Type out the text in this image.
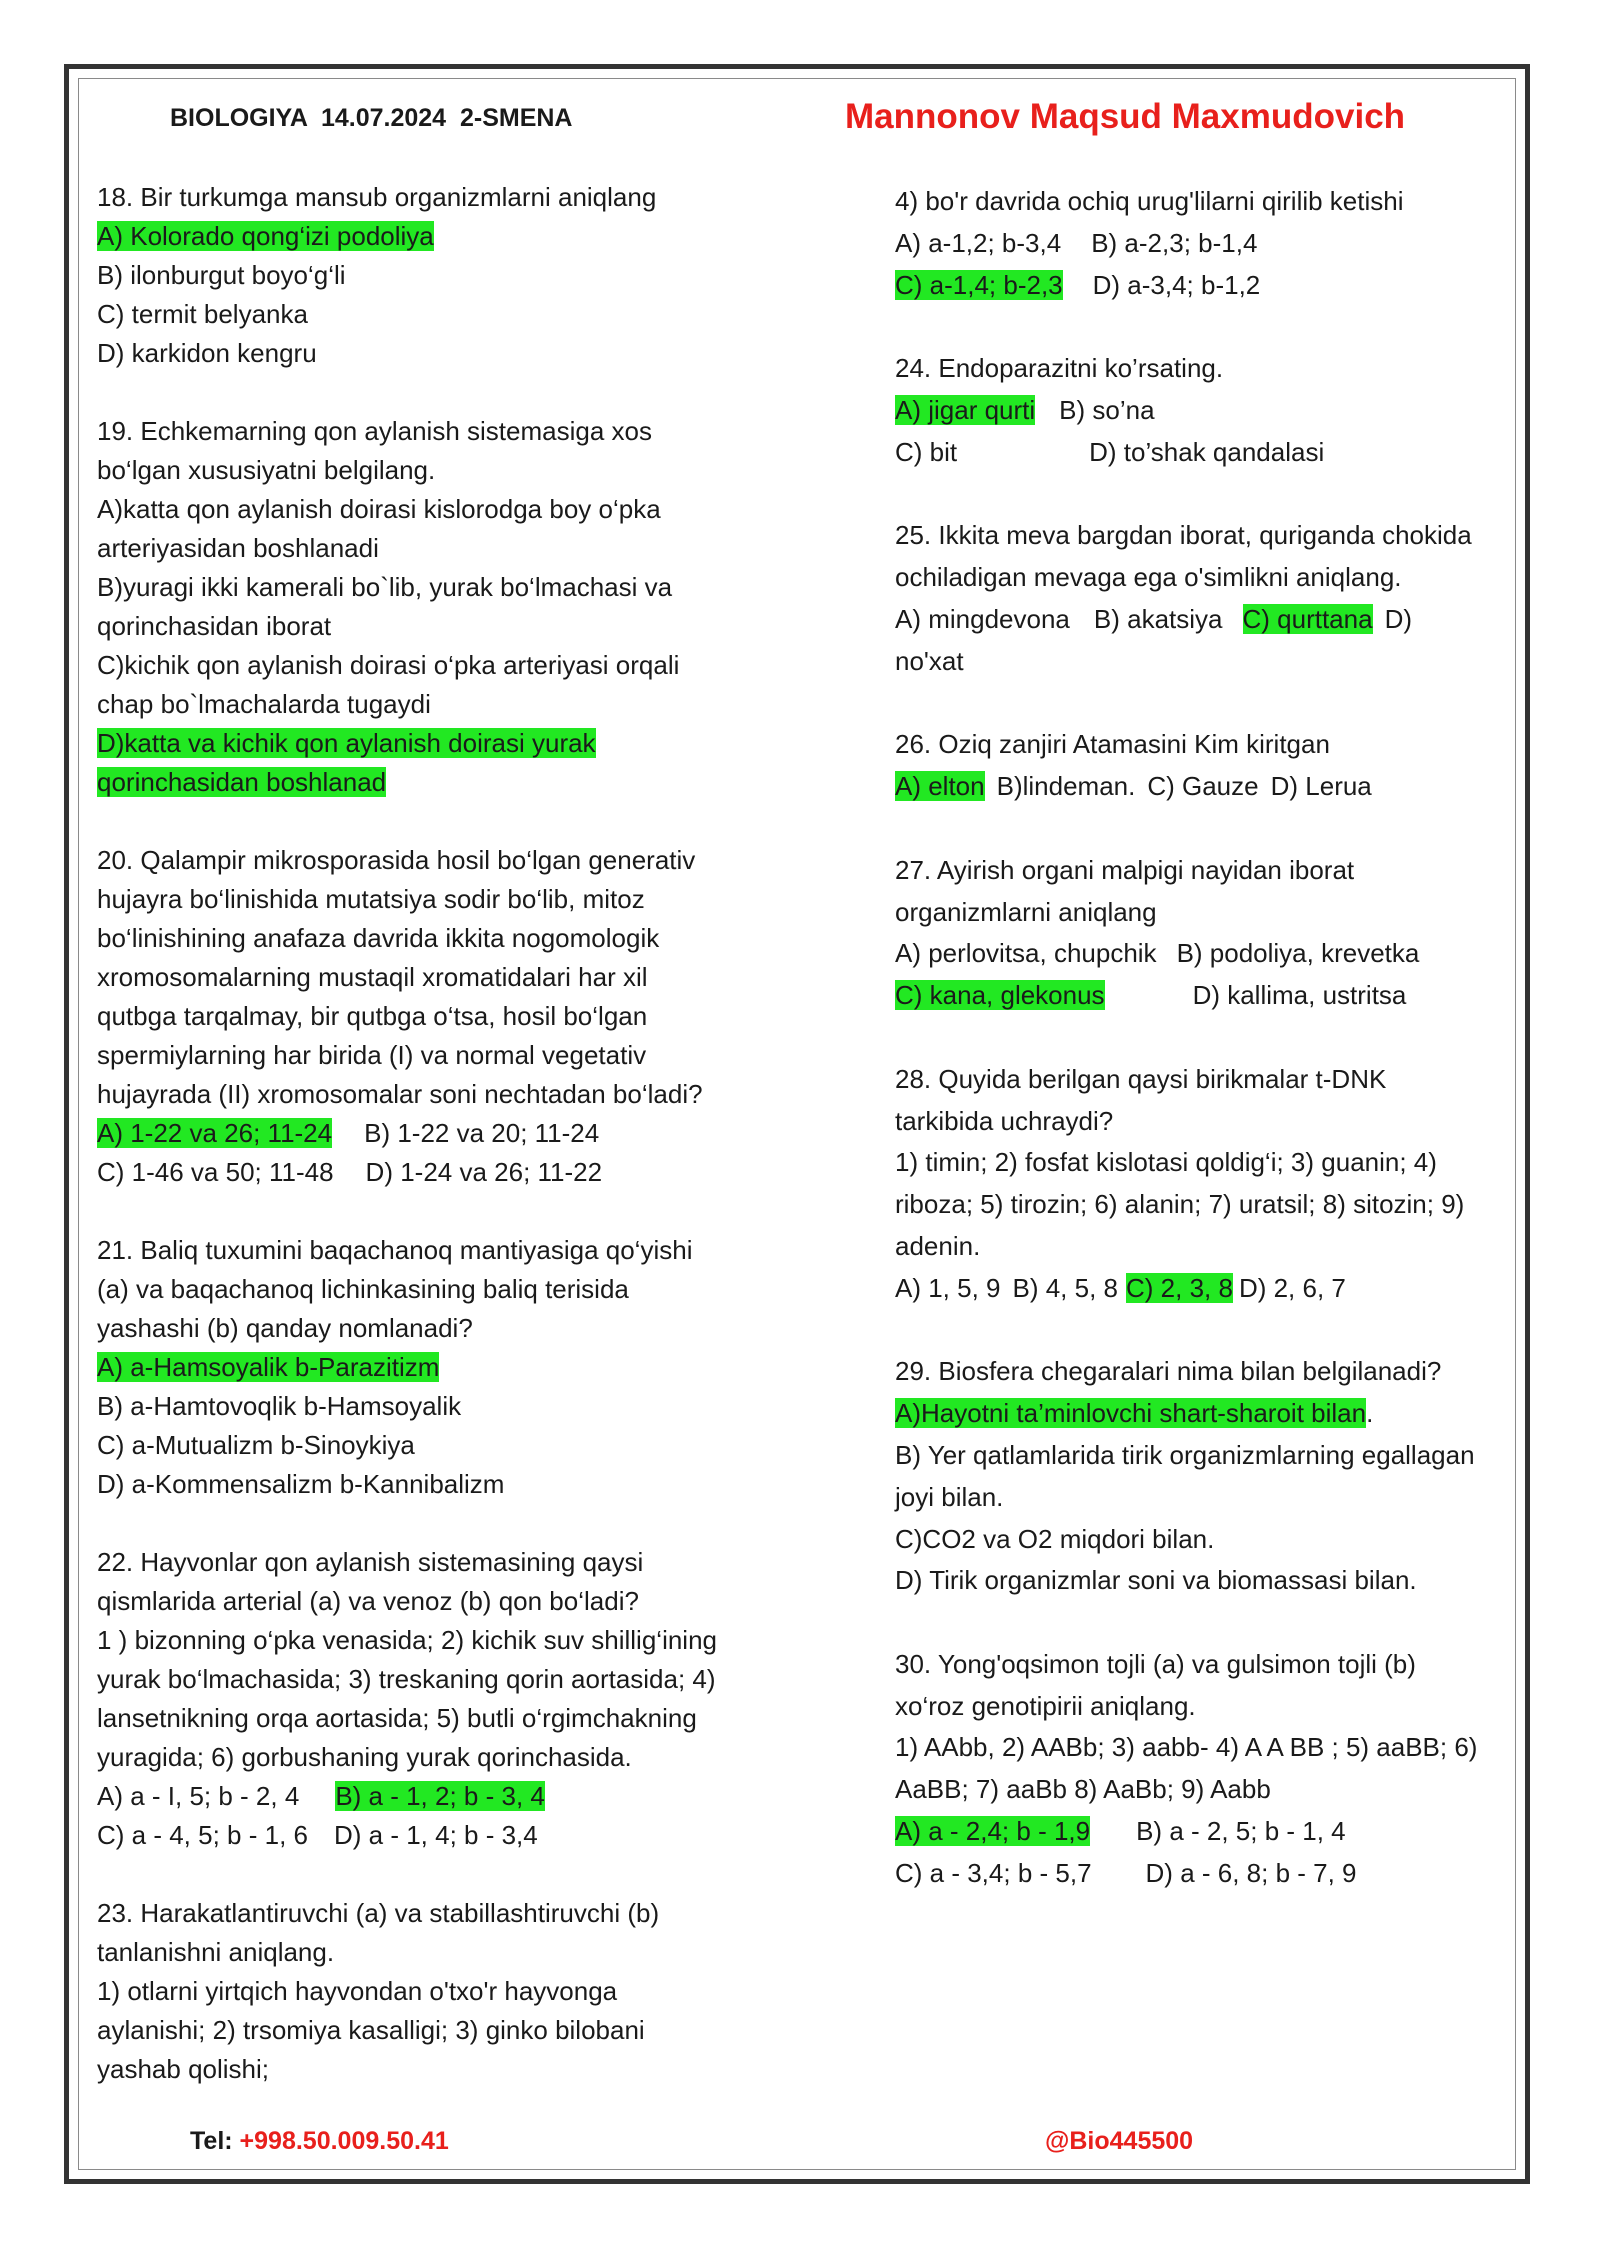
BIOLOGIYA  14.07.2024  2-SMENA	Mannonov Maqsud Maxmudovich

18. Bir turkumga mansub organizmlarni aniqlang

A) Kolorado qong‘izi podoliya

B) ilonburgut boyo‘g‘li

C) termit belyanka

D) karkidon kengru

19. Echkemarning qon aylanish sistemasiga xos

bo‘lgan xususiyatni belgilang.

A)katta qon aylanish doirasi kislorodga boy o‘pka

arteriyasidan boshlanadi

B)yuragi ikki kamerali bo`lib, yurak bo‘lmachasi va

qorinchasidan iborat

C)kichik qon aylanish doirasi o‘pka arteriyasi orqali

chap bo`lmachalarda tugaydi

D)katta va kichik qon aylanish doirasi yurak

qorinchasidan boshlanad

20. Qalampir mikrosporasida hosil bo‘lgan generativ

hujayra bo‘linishida mutatsiya sodir bo‘lib, mitoz

bo‘linishining anafaza davrida ikkita nogomologik

xromosomalarning mustaqil xromatidalari har xil

qutbga tarqalmay, bir qutbga o‘tsa, hosil bo‘lgan

spermiylarning har birida (I) va normal vegetativ

hujayrada (II) xromosomalar soni nechtadan bo‘ladi?

A) 1-22 va 26; 11-24 B) 1-22 va 20; 11-24

C) 1-46 va 50; 11-48 D) 1-24 va 26; 11-22

21. Baliq tuxumini baqachanoq mantiyasiga qo‘yishi

(a) va baqachanoq lichinkasining baliq terisida

yashashi (b) qanday nomlanadi?

A) a-Hamsoyalik b-Parazitizm

B) a-Hamtovoqlik b-Hamsoyalik

C) a-Mutualizm b-Sinoykiya

D) a-Kommensalizm b-Kannibalizm

22. Hayvonlar qon aylanish sistemasining qaysi

qismlarida arterial (a) va venoz (b) qon bo‘ladi?

1 ) bizonning o‘pka venasida; 2) kichik suv shillig‘ining

yurak bo‘lmachasida; 3) treskaning qorin aortasida; 4)

lansetnikning orqa aortasida; 5) butli o‘rgimchakning

yuragida; 6) gorbushaning yurak qorinchasida.

A) a - I, 5; b - 2, 4 B) a - 1, 2; b - 3, 4

C) a - 4, 5; b - 1, 6 D) a - 1, 4; b - 3,4

23. Harakatlantiruvchi (a) va stabillashtiruvchi (b)

tanlanishni aniqlang.

1) otlarni yirtqich hayvondan o'txo'r hayvonga

aylanishi; 2) trsomiya kasalligi; 3) ginko bilobani

yashab qolishi;

4) bo'r davrida ochiq urug'lilarni qirilib ketishi

A) a-1,2; b-3,4 B) a-2,3; b-1,4

C) a-1,4; b-2,3 D) a-3,4; b-1,2

24. Endoparazitni ko’rsating.

A) jigar qurti B) so’na

C) bit	D) to’shak qandalasi

25. Ikkita meva bargdan iborat, quriganda chokida

ochiladigan mevaga ega o'simlikni aniqlang.

A) mingdevona B) akatsiya C) qurttana D)

no'xat

26. Oziq zanjiri Atamasini Kim kiritgan

A) elton B)lindeman. C) Gauze D) Lerua

27. Ayirish organi malpigi nayidan iborat

organizmlarni aniqlang

A) perlovitsa, chupchik B) podoliya, krevetka

C) kana, glekonus	D) kallima, ustritsa

28. Quyida berilgan qaysi birikmalar t-DNK

tarkibida uchraydi?

1) timin; 2) fosfat kislotasi qoldig‘i; 3) guanin; 4)

riboza; 5) tirozin; 6) alanin; 7) uratsil; 8) sitozin; 9)

adenin.

A) 1, 5, 9 B) 4, 5, 8 C) 2, 3, 8 D) 2, 6, 7

29. Biosfera chegaralari nima bilan belgilanadi?

A)Hayotni ta’minlovchi shart-sharoit bilan.

B) Yer qatlamlarida tirik organizmlarning egallagan

joyi bilan.

C)CO2 va O2 miqdori bilan.

D) Tirik organizmlar soni va biomassasi bilan.

30. Yong'oqsimon tojli (a) va gulsimon tojli (b)

xo‘roz genotipirii aniqlang.

1) AAbb, 2) AABb; 3) aabb- 4) A A BB ; 5) aaBB; 6)

AaBB; 7) aaBb 8) AaBb; 9) Aabb

A) a - 2,4; b - 1,9 B) a - 2, 5; b - 1, 4

C) a - 3,4; b - 5,7 D) a - 6, 8; b - 7, 9

Tel: +998.50.009.50.41	@Bio445500
